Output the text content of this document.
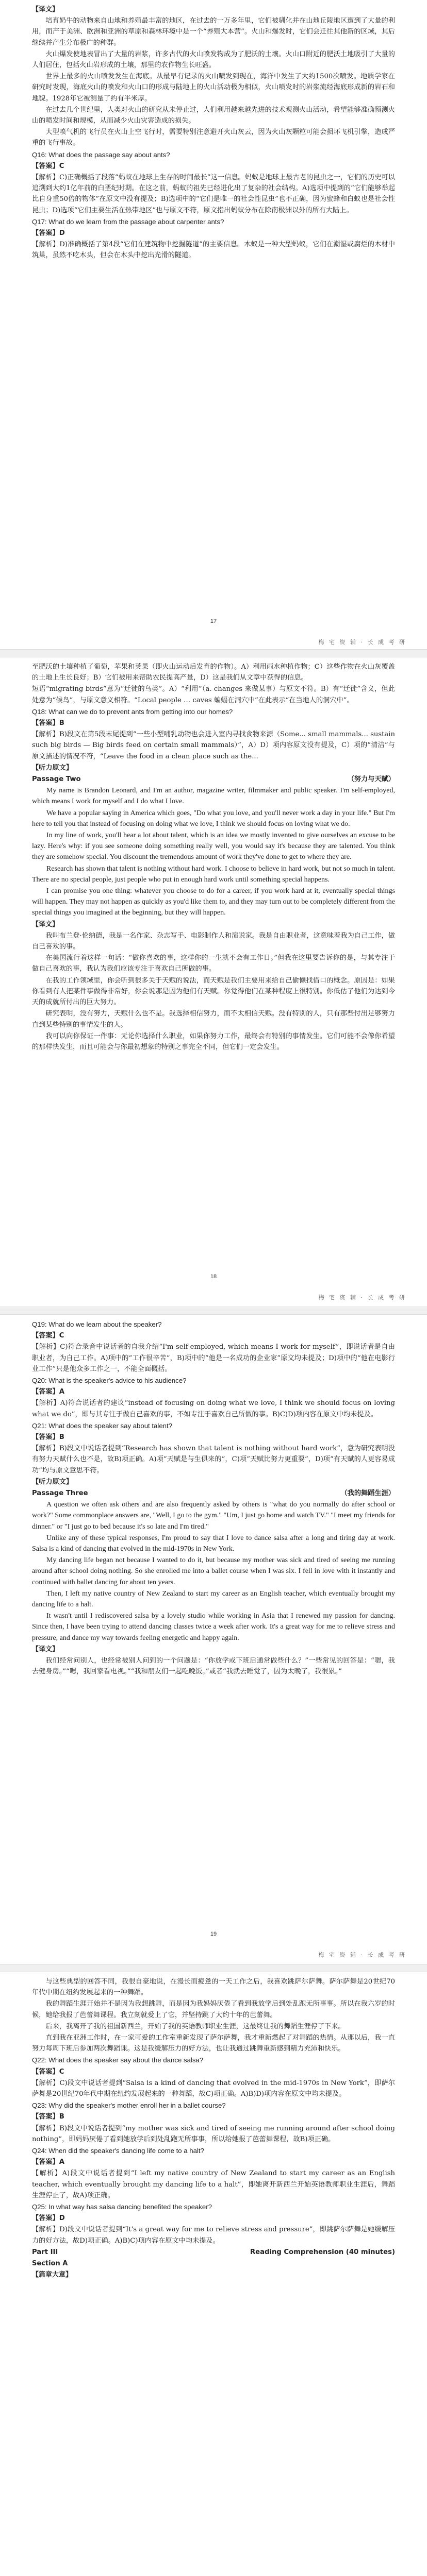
【译文】

培育奶牛的动物来自山地和养殖最丰富的地区，在过去的一万多年里，它们被驯化并在山地丘陵地区遭到了大量的利用，而产于美洲、欧洲和亚洲的草原和森林环境中是一个“养殖大本营”。火山和爆发时，它们会迁往其他新的区域，其后继续并产生分布极广的种群。

火山爆发使地表冒出了大量的岩浆，许多古代的火山喷发物成为了肥沃的土壤。火山口附近的肥沃土地吸引了大量的人们居住，包括火山岩形成的土壤，那里的农作物生长旺盛。

世界上最多的火山喷发发生在海底。从最早有记录的火山喷发到现在，海洋中发生了大约1500次喷发。地质学家在研究时发现，海底火山的喷发和火山口的形成与陆地上的火山活动极为相似，火山喷发时的岩浆流经海底形成新的岩石和地貌。1928年它被测量了约有半米厚。

在过去几个世纪里，人类对火山的研究从未停止过，人们利用越来越先进的技术观测火山活动，希望能够准确预测火山的喷发时间和规模，从而减少火山灾害造成的损失。

大型喷气机的飞行员在火山上空飞行时，需要特别注意避开火山灰云，因为火山灰颗粒可能会损坏飞机引擎，造成严重的飞行事故。

Q16: What does the passage say about ants?

【答案】C

【解析】C)正确概括了段落“蚂蚁在地球上生存的时间最长”这一信息。蚂蚁是地球上最古老的昆虫之一，它们的历史可以追溯到大约1亿年前的白垩纪时期。在这之前，蚂蚁的祖先已经进化出了复杂的社会结构。A)选项中提到的“它们能够举起比自身重50倍的物体”在原文中没有提及；B)选项中的“它们是唯一的社会性昆虫”也不正确，因为蜜蜂和白蚁也是社会性昆虫；D)选项“它们主要生活在热带地区”也与原文不符，原文指出蚂蚁分布在除南极洲以外的所有大陆上。

Q17: What do we learn from the passage about carpenter ants?

【答案】D

【解析】D)准确概括了第4段“它们在建筑物中挖掘隧道”的主要信息。木蚁是一种大型蚂蚁，它们在潮湿或腐烂的木材中筑巢，虽然不吃木头，但会在木头中挖出光滑的隧道。

17
梅 宅 资 辅 · 长 成 考 研

至肥沃的土壤种植了葡萄，苹果和荚果（即火山运动后发育的作物）。A）利用雨水种植作物；C）这些作物在火山灰覆盖的土地上生长良好；B）它们被用来帮助农民提高产量，D）这是我们从文章中获得的信息。

短语“migrating birds”意为“迁徙的鸟类”。A）“利用”（a. changes 来做某事）与原文不符。B）有“迁徙”含义，但此处意为“候鸟”，与原文意义相符。“Local people … caves 蝙蝠在洞穴中”在此表示“在当地人的洞穴中”。

Q18: What can we do to prevent ants from getting into our homes?

【答案】B

【解析】B)段文在第5段末尾提到“一些小型哺乳动物也会进入室内寻找食物来源（Some... small mammals... sustain such big birds — Big birds feed on certain small mammals）”，A）D）项内容原文没有提及，C）项的“清洁”与原文描述的情况不符，“Leave the food in a clean place such as the...

【听力原文】

Passage Two	（努力与天赋）

My name is Brandon Leonard, and I'm an author, magazine writer, filmmaker and public speaker. I'm self-employed, which means I work for myself and I do what I love.

We have a popular saying in America which goes, "Do what you love, and you'll never work a day in your life." But I'm here to tell you that instead of focusing on doing what we love, I think we should focus on loving what we do.

In my line of work, you'll hear a lot about talent, which is an idea we mostly invented to give ourselves an excuse to be lazy. Here's why: if you see someone doing something really well, you would say it's because they are talented. You think they are somehow special. You discount the tremendous amount of work they've done to get to where they are.

Research has shown that talent is nothing without hard work. I choose to believe in hard work, but not so much in talent. There are no special people, just people who put in enough hard work until something special happens.

I can promise you one thing: whatever you choose to do for a career, if you work hard at it, eventually special things will happen. They may not happen as quickly as you'd like them to, and they may turn out to be completely different from the special things you imagined at the beginning, but they will happen.

【译文】

我叫布兰登·伦纳德，我是一名作家、杂志写手、电影制作人和演说家。我是自由职业者，这意味着我为自己工作，做自己喜欢的事。

在美国流行着这样一句话：“做你喜欢的事，这样你的一生就不会有工作日。”但我在这里要告诉你的是，与其专注于做自己喜欢的事，我认为我们应该专注于喜欢自己所做的事。

在我的工作领域里，你会听到很多关于天赋的说法，而天赋是我们主要用来给自己偷懒找借口的概念。原因是：如果你看到有人把某件事做得非常好，你会说那是因为他们有天赋。你觉得他们在某种程度上很特别。你低估了他们为达到今天的成就所付出的巨大努力。

研究表明，没有努力，天赋什么也不是。我选择相信努力，而不太相信天赋。没有特别的人，只有那些付出足够努力直到某些特别的事情发生的人。

我可以向你保证一件事：无论你选择什么职业，如果你努力工作，最终会有特别的事情发生。它们可能不会像你希望的那样快发生，而且可能会与你最初想象的特别之事完全不同，但它们一定会发生。

18
梅 宅 资 辅 · 长 成 考 研

Q19: What do we learn about the speaker?

【答案】C

【解析】C)符合录音中说话者的自我介绍“I'm self-employed, which means I work for myself”，即说话者是自由职业者，为自己工作。A)项中的“工作很辛苦”，B)项中的“他是一名成功的企业家”原文均未提及；D)项中的“他在电影行业工作”只是他众多工作之一，不能全面概括。

Q20: What is the speaker's advice to his audience?

【答案】A

【解析】A)符合说话者的建议“instead of focusing on doing what we love, I think we should focus on loving what we do”，即与其专注于做自己喜欢的事，不如专注于喜欢自己所做的事。B)C)D)项内容在原文中均未提及。

Q21: What does the speaker say about talent?

【答案】B

【解析】B)段文中说话者提到“Research has shown that talent is nothing without hard work”，意为研究表明没有努力天赋什么也不是，故B)项正确。A)项“天赋是与生俱来的”，C)项“天赋比努力更重要”，D)项“有天赋的人更容易成功”均与原文意思不符。

【听力原文】

Passage Three	（我的舞蹈生涯）

A question we often ask others and are also frequently asked by others is "what do you normally do after school or work?" Some commonplace answers are, "Well, I go to the gym." "Um, I just go home and watch TV." "I meet my friends for dinner." or "I just go to bed because it's so late and I'm tired."

Unlike any of these typical responses, I'm proud to say that I love to dance salsa after a long and tiring day at work. Salsa is a kind of dancing that evolved in the mid-1970s in New York.

My dancing life began not because I wanted to do it, but because my mother was sick and tired of seeing me running around after school doing nothing. So she enrolled me into a ballet course when I was six. I fell in love with it instantly and continued with ballet dancing for about ten years.

Then, I left my native country of New Zealand to start my career as an English teacher, which eventually brought my dancing life to a halt.

It wasn't until I rediscovered salsa by a lovely studio while working in Asia that I renewed my passion for dancing. Since then, I have been trying to attend dancing classes twice a week after work. It's a great way for me to relieve stress and pressure, and dance my way towards feeling energetic and happy again.

【译文】

我们经常问别人，也经常被别人问到的一个问题是：“你放学或下班后通常做些什么？”一些常见的回答是：“嗯，我去健身房。”“嗯，我回家看电视。”“我和朋友们一起吃晚饭。”或者“我就去睡觉了，因为太晚了，我很累。”

19
梅 宅 资 辅 · 长 成 考 研

与这些典型的回答不同，我很自豪地说，在漫长而疲惫的一天工作之后，我喜欢跳萨尔萨舞。萨尔萨舞是20世纪70年代中期在纽约发展起来的一种舞蹈。

我的舞蹈生涯开始并不是因为我想跳舞，而是因为我妈妈厌倦了看到我放学后到处乱跑无所事事。所以在我六岁的时候，她给我报了芭蕾舞课程。我立刻就爱上了它，并坚持跳了大约十年的芭蕾舞。

后来，我离开了我的祖国新西兰，开始了我的英语教师职业生涯，这最终让我的舞蹈生涯停了下来。

直到我在亚洲工作时，在一家可爱的工作室重新发现了萨尔萨舞，我才重新燃起了对舞蹈的热情。从那以后，我一直努力每周下班后参加两次舞蹈课。这是我缓解压力的好方法，也让我通过跳舞重新感到精力充沛和快乐。

Q22: What does the speaker say about the dance salsa?

【答案】C

【解析】C)段文中说话者提到“Salsa is a kind of dancing that evolved in the mid-1970s in New York”，即萨尔萨舞是20世纪70年代中期在纽约发展起来的一种舞蹈，故C)项正确。A)B)D)项内容在原文中均未提及。

Q23: Why did the speaker's mother enroll her in a ballet course?

【答案】B

【解析】B)段文中说话者提到“my mother was sick and tired of seeing me running around after school doing nothing”，即妈妈厌倦了看到她放学后到处乱跑无所事事，所以给她报了芭蕾舞课程，故B)项正确。

Q24: When did the speaker's dancing life come to a halt?

【答案】A

【解析】A)段文中说话者提到“I left my native country of New Zealand to start my career as an English teacher, which eventually brought my dancing life to a halt”，即她离开新西兰开始英语教师职业生涯后，舞蹈生涯停止了，故A)项正确。

Q25: In what way has salsa dancing benefited the speaker?

【答案】D

【解析】D)段文中说话者提到“It's a great way for me to relieve stress and pressure”，即跳萨尔萨舞是她缓解压力的好方法，故D)项正确。A)B)C)项内容在原文中均未提及。

Part III	Reading Comprehension (40 minutes)

Section A

【篇章大意】
